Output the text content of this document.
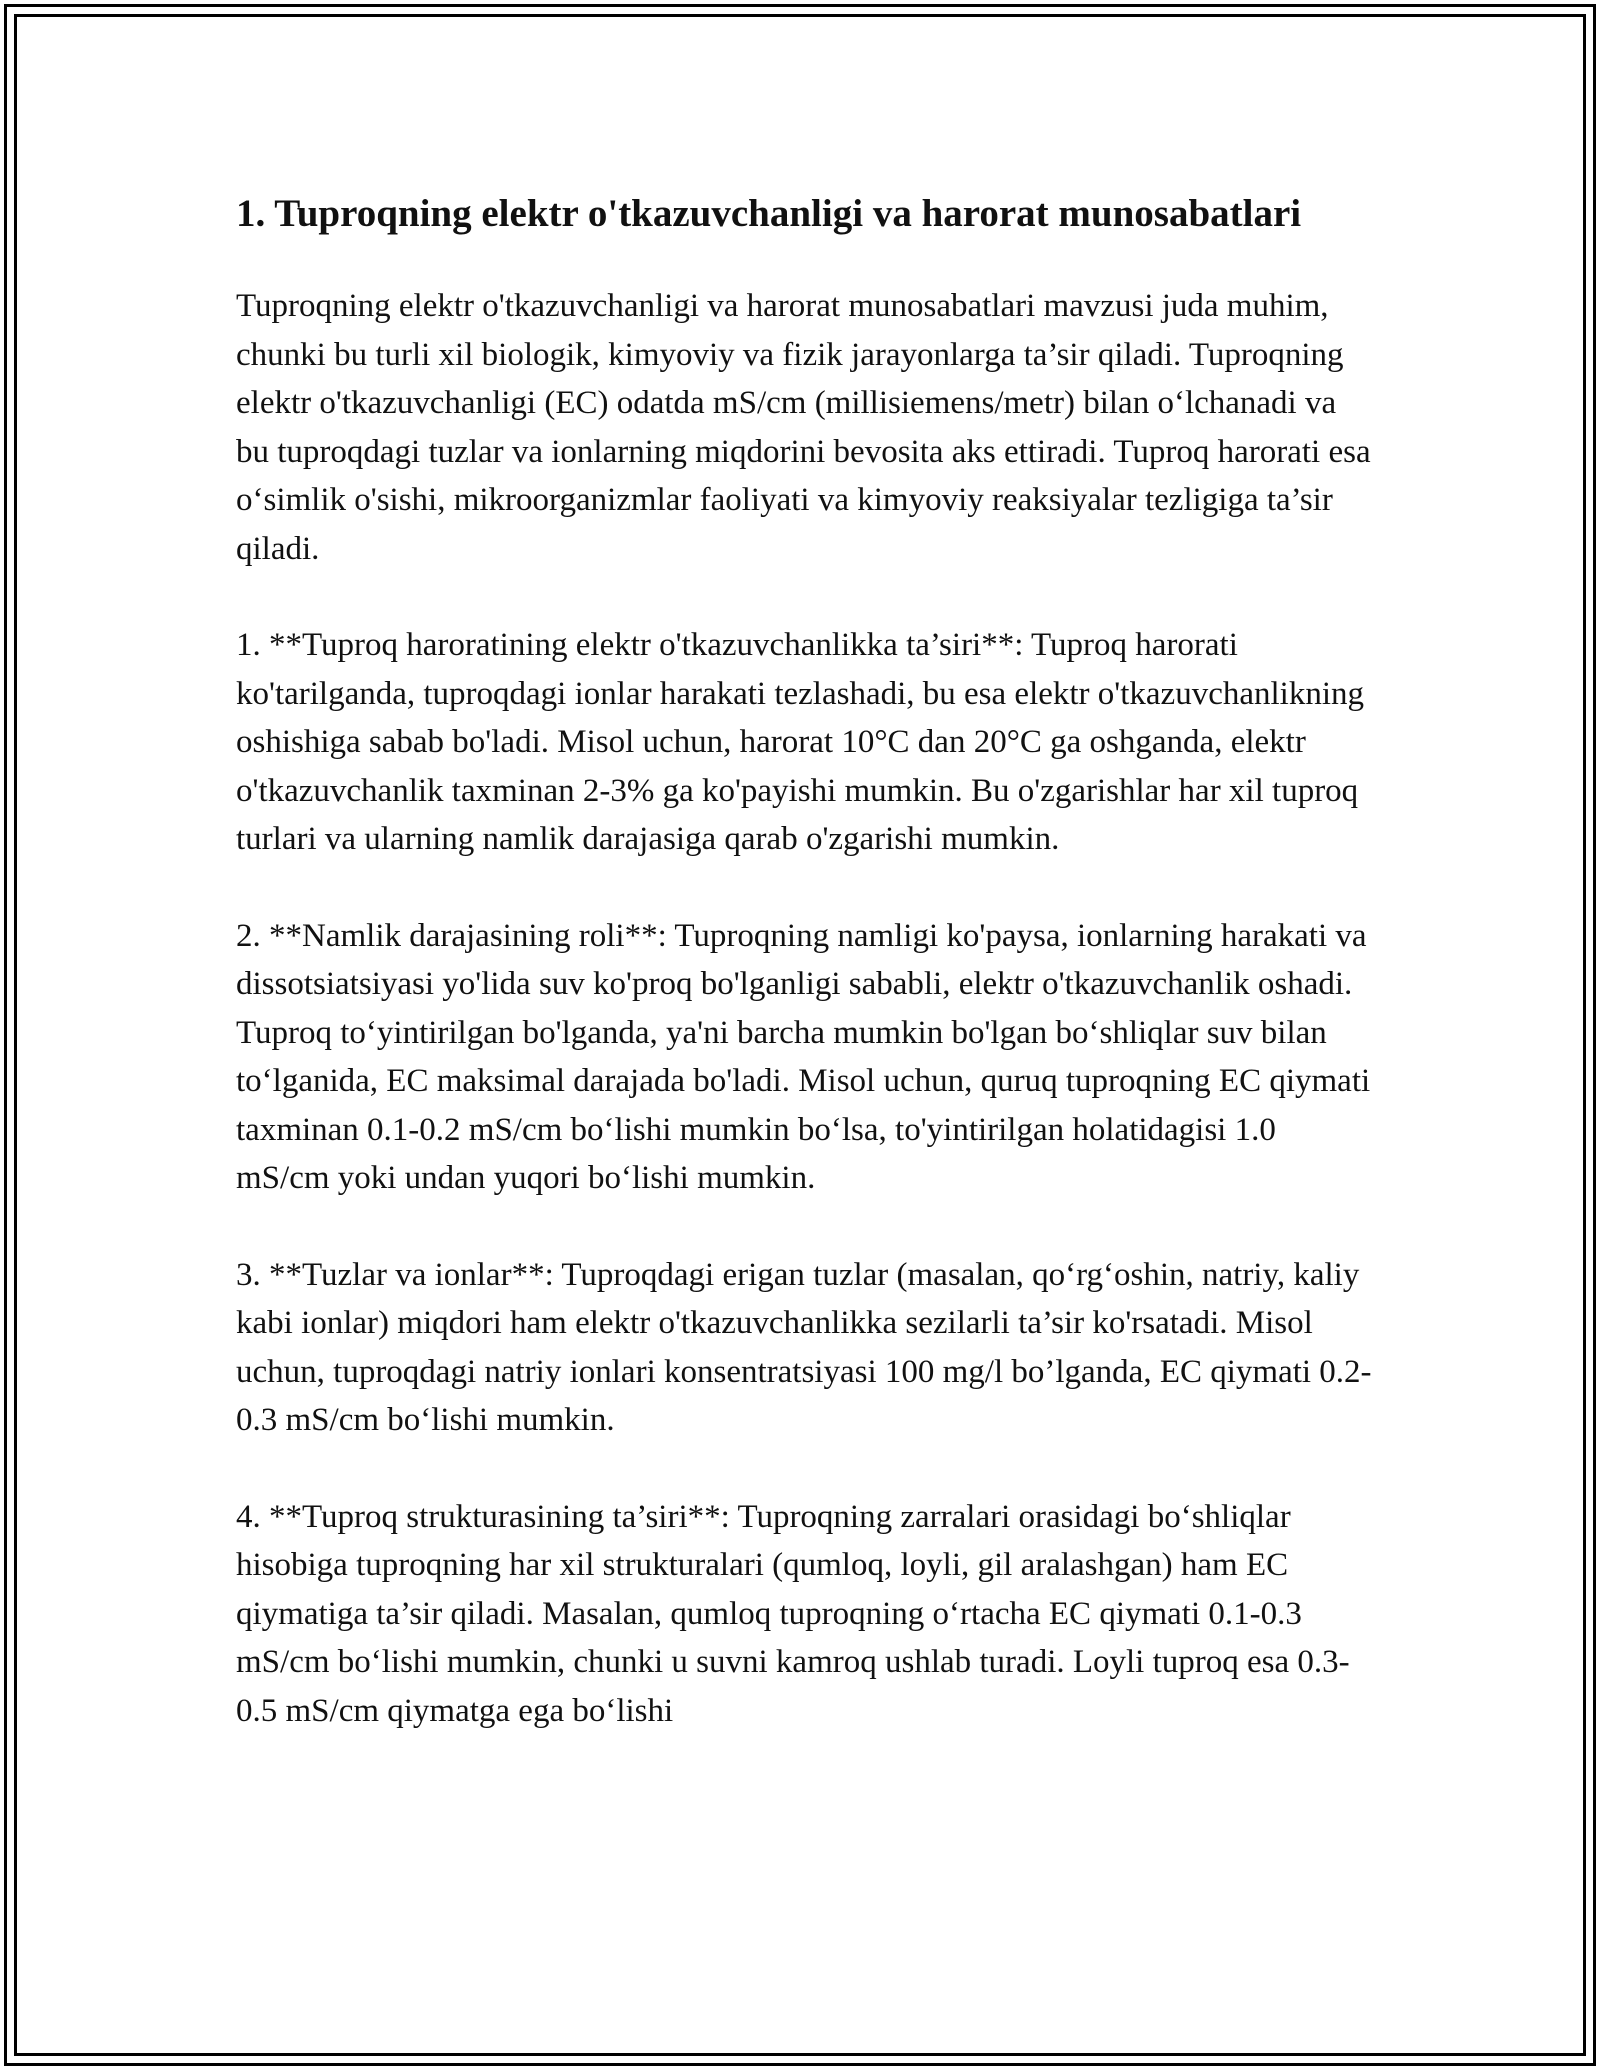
1. Tuproqning elektr o'tkazuvchanligi va harorat munosabatlari

Tuproqning elektr o'tkazuvchanligi va harorat munosabatlari mavzusi juda muhim, chunki bu turli xil biologik, kimyoviy va fizik jarayonlarga ta’sir qiladi. Tuproqning elektr o'tkazuvchanligi (EC) odatda mS/cm (millisiemens/metr) bilan o‘lchanadi va bu tuproqdagi tuzlar va ionlarning miqdorini bevosita aks ettiradi. Tuproq harorati esa o‘simlik o'sishi, mikroorganizmlar faoliyati va kimyoviy reaksiyalar tezligiga ta’sir qiladi.

1. **Tuproq haroratining elektr o'tkazuvchanlikka ta’siri**: Tuproq harorati ko'tarilganda, tuproqdagi ionlar harakati tezlashadi, bu esa elektr o'tkazuvchanlikning oshishiga sabab bo'ladi. Misol uchun, harorat 10°C dan 20°C ga oshganda, elektr o'tkazuvchanlik taxminan 2-3% ga ko'payishi mumkin. Bu o'zgarishlar har xil tuproq turlari va ularning namlik darajasiga qarab o'zgarishi mumkin.

2. **Namlik darajasining roli**: Tuproqning namligi ko'paysa, ionlarning harakati va dissotsiatsiyasi yo'lida suv ko'proq bo'lganligi sababli, elektr o'tkazuvchanlik oshadi. Tuproq to‘yintirilgan bo'lganda, ya'ni barcha mumkin bo'lgan bo‘shliqlar suv bilan to‘lganida, EC maksimal darajada bo'ladi. Misol uchun, quruq tuproqning EC qiymati taxminan 0.1-0.2 mS/cm bo‘lishi mumkin bo‘lsa, to'yintirilgan holatidagisi 1.0 mS/cm yoki undan yuqori bo‘lishi mumkin.

3. **Tuzlar va ionlar**: Tuproqdagi erigan tuzlar (masalan, qo‘rg‘oshin, natriy, kaliy kabi ionlar) miqdori ham elektr o'tkazuvchanlikka sezilarli ta’sir ko'rsatadi. Misol uchun, tuproqdagi natriy ionlari konsentratsiyasi 100 mg/l bo’lganda, EC qiymati 0.2-0.3 mS/cm bo‘lishi mumkin.

4. **Tuproq strukturasining ta’siri**: Tuproqning zarralari orasidagi bo‘shliqlar hisobiga tuproqning har xil strukturalari (qumloq, loyli, gil aralashgan) ham EC qiymatiga ta’sir qiladi. Masalan, qumloq tuproqning o‘rtacha EC qiymati 0.1-0.3 mS/cm bo‘lishi mumkin, chunki u suvni kamroq ushlab turadi. Loyli tuproq esa 0.3-0.5 mS/cm qiymatga ega bo‘lishi
